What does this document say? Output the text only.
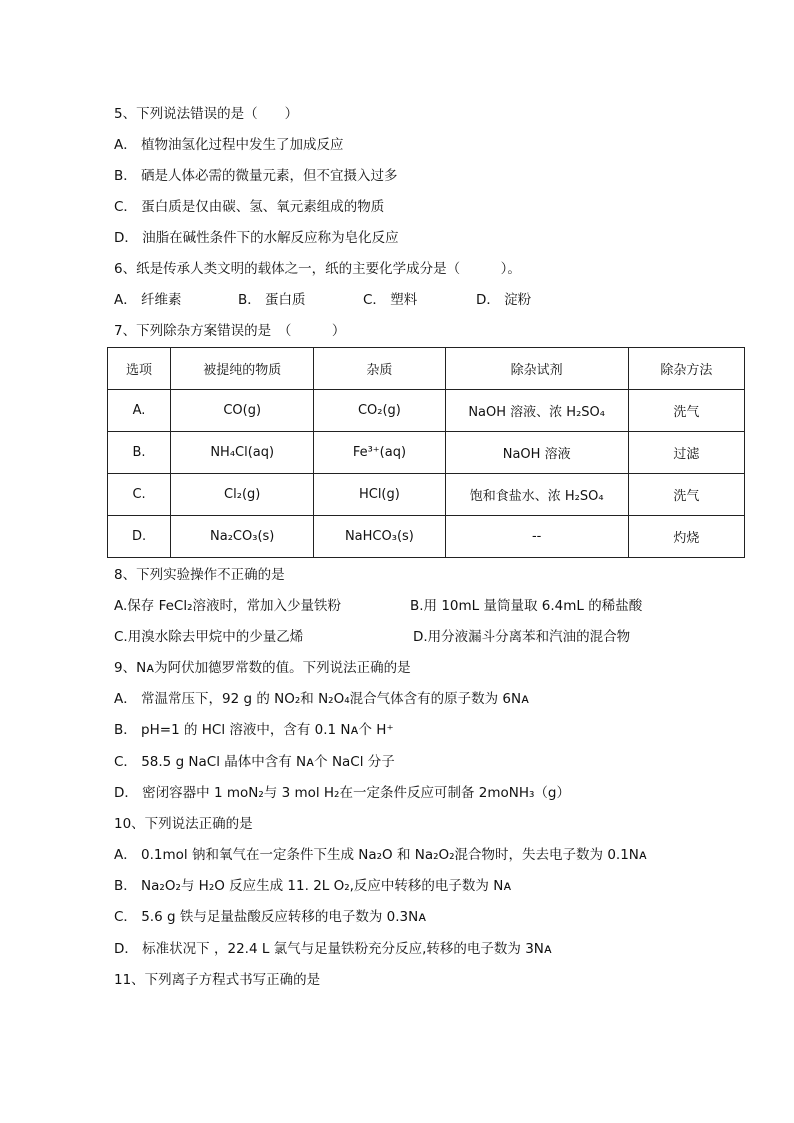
5、下列说法错误的是（　　）
A． 植物油氢化过程中发生了加成反应
B． 硒是人体必需的微量元素，但不宜摄入过多
C． 蛋白质是仅由碳、氢、氧元素组成的物质
D． 油脂在碱性条件下的水解反应称为皂化反应
6、纸是传承人类文明的载体之一，纸的主要化学成分是（　　　）。
A． 纤维素	B． 蛋白质	C． 塑料	D． 淀粉
7、下列除杂方案错误的是　（　　　）
选项	被提纯的物质	杂质	除杂试剂	除杂方法
A.	CO(g)	CO₂(g)	NaOH 溶液、浓 H₂SO₄	洗气
B.	NH₄Cl(aq)	Fe³⁺(aq)	NaOH 溶液	过滤
C.	Cl₂(g)	HCl(g)	饱和食盐水、浓 H₂SO₄	洗气
D.	Na₂CO₃(s)	NaHCO₃(s)	--	灼烧
8、下列实验操作不正确的是
A.保存 FeCl₂溶液时，常加入少量铁粉	B.用 10mL 量筒量取 6.4mL 的稀盐酸
C.用溴水除去甲烷中的少量乙烯	D.用分液漏斗分离苯和汽油的混合物
9、Nᴀ为阿伏加德罗常数的值。下列说法正确的是
A． 常温常压下，92 g 的 NO₂和 N₂O₄混合气体含有的原子数为 6Nᴀ
B． pH=1 的 HCl 溶液中，含有 0.1 Nᴀ个 H⁺
C． 58.5 g NaCl 晶体中含有 Nᴀ个 NaCl 分子
D． 密闭容器中 1 moN₂与 3 mol H₂在一定条件反应可制备 2moNH₃（g）
10、下列说法正确的是
A． 0.1mol 钠和氧气在一定条件下生成 Na₂O 和 Na₂O₂混合物时，失去电子数为 0.1Nᴀ
B． Na₂O₂与 H₂O 反应生成 11. 2L O₂,反应中转移的电子数为 Nᴀ
C． 5.6 g 铁与足量盐酸反应转移的电子数为 0.3Nᴀ
D． 标准状况下 ，22.4 L 氯气与足量铁粉充分反应,转移的电子数为 3Nᴀ
11、下列离子方程式书写正确的是
